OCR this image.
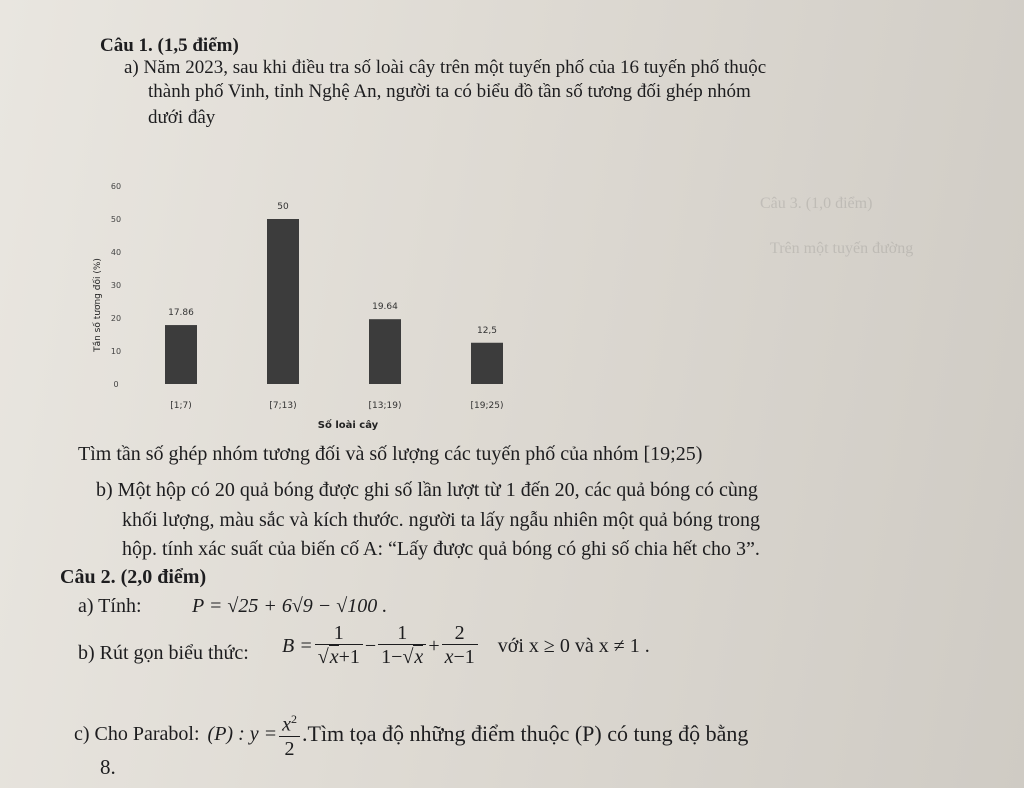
Câu 3. (1,0 điểm)
Trên một tuyến đường
Câu 1. (1,5 điểm)
a) Năm 2023, sau khi điều tra số loài cây trên một tuyến phố của 16 tuyến phố thuộc
thành phố Vinh, tỉnh Nghệ An, người ta có biểu đồ tần số tương đối ghép nhóm
dưới đây
0
10
20
30
40
50
60
Tần số tương đối (%)	17.86
[1;7)
50
[7;13)
19.64
[13;19)
12,5
[19;25)
Số loài cây
Tìm tần số ghép nhóm tương đối và số lượng các tuyến phố của nhóm [19;25)
b) Một hộp có 20 quả bóng được ghi số lần lượt từ 1 đến 20, các quả bóng có cùng
khối lượng, màu sắc và kích thước. người ta lấy ngẫu nhiên một quả bóng trong
hộp. tính xác suất của biến cố A: “Lấy được quả bóng có ghi số chia hết cho 3”.
Câu 2. (2,0 điểm)
a) Tính:	P = √25 + 6√9 − √100 .
b) Rút gọn biểu thức: $B = \frac{1}{√x+1} - \frac{1}{1-√x} + \frac{2}{x-1}$ với x ≥ 0 và x ≠ 1 .
c) Cho Parabol: (P) : $y = \frac{x^2}{2}$ .Tìm tọa độ những điểm thuộc (P) có tung độ bằng
8.
